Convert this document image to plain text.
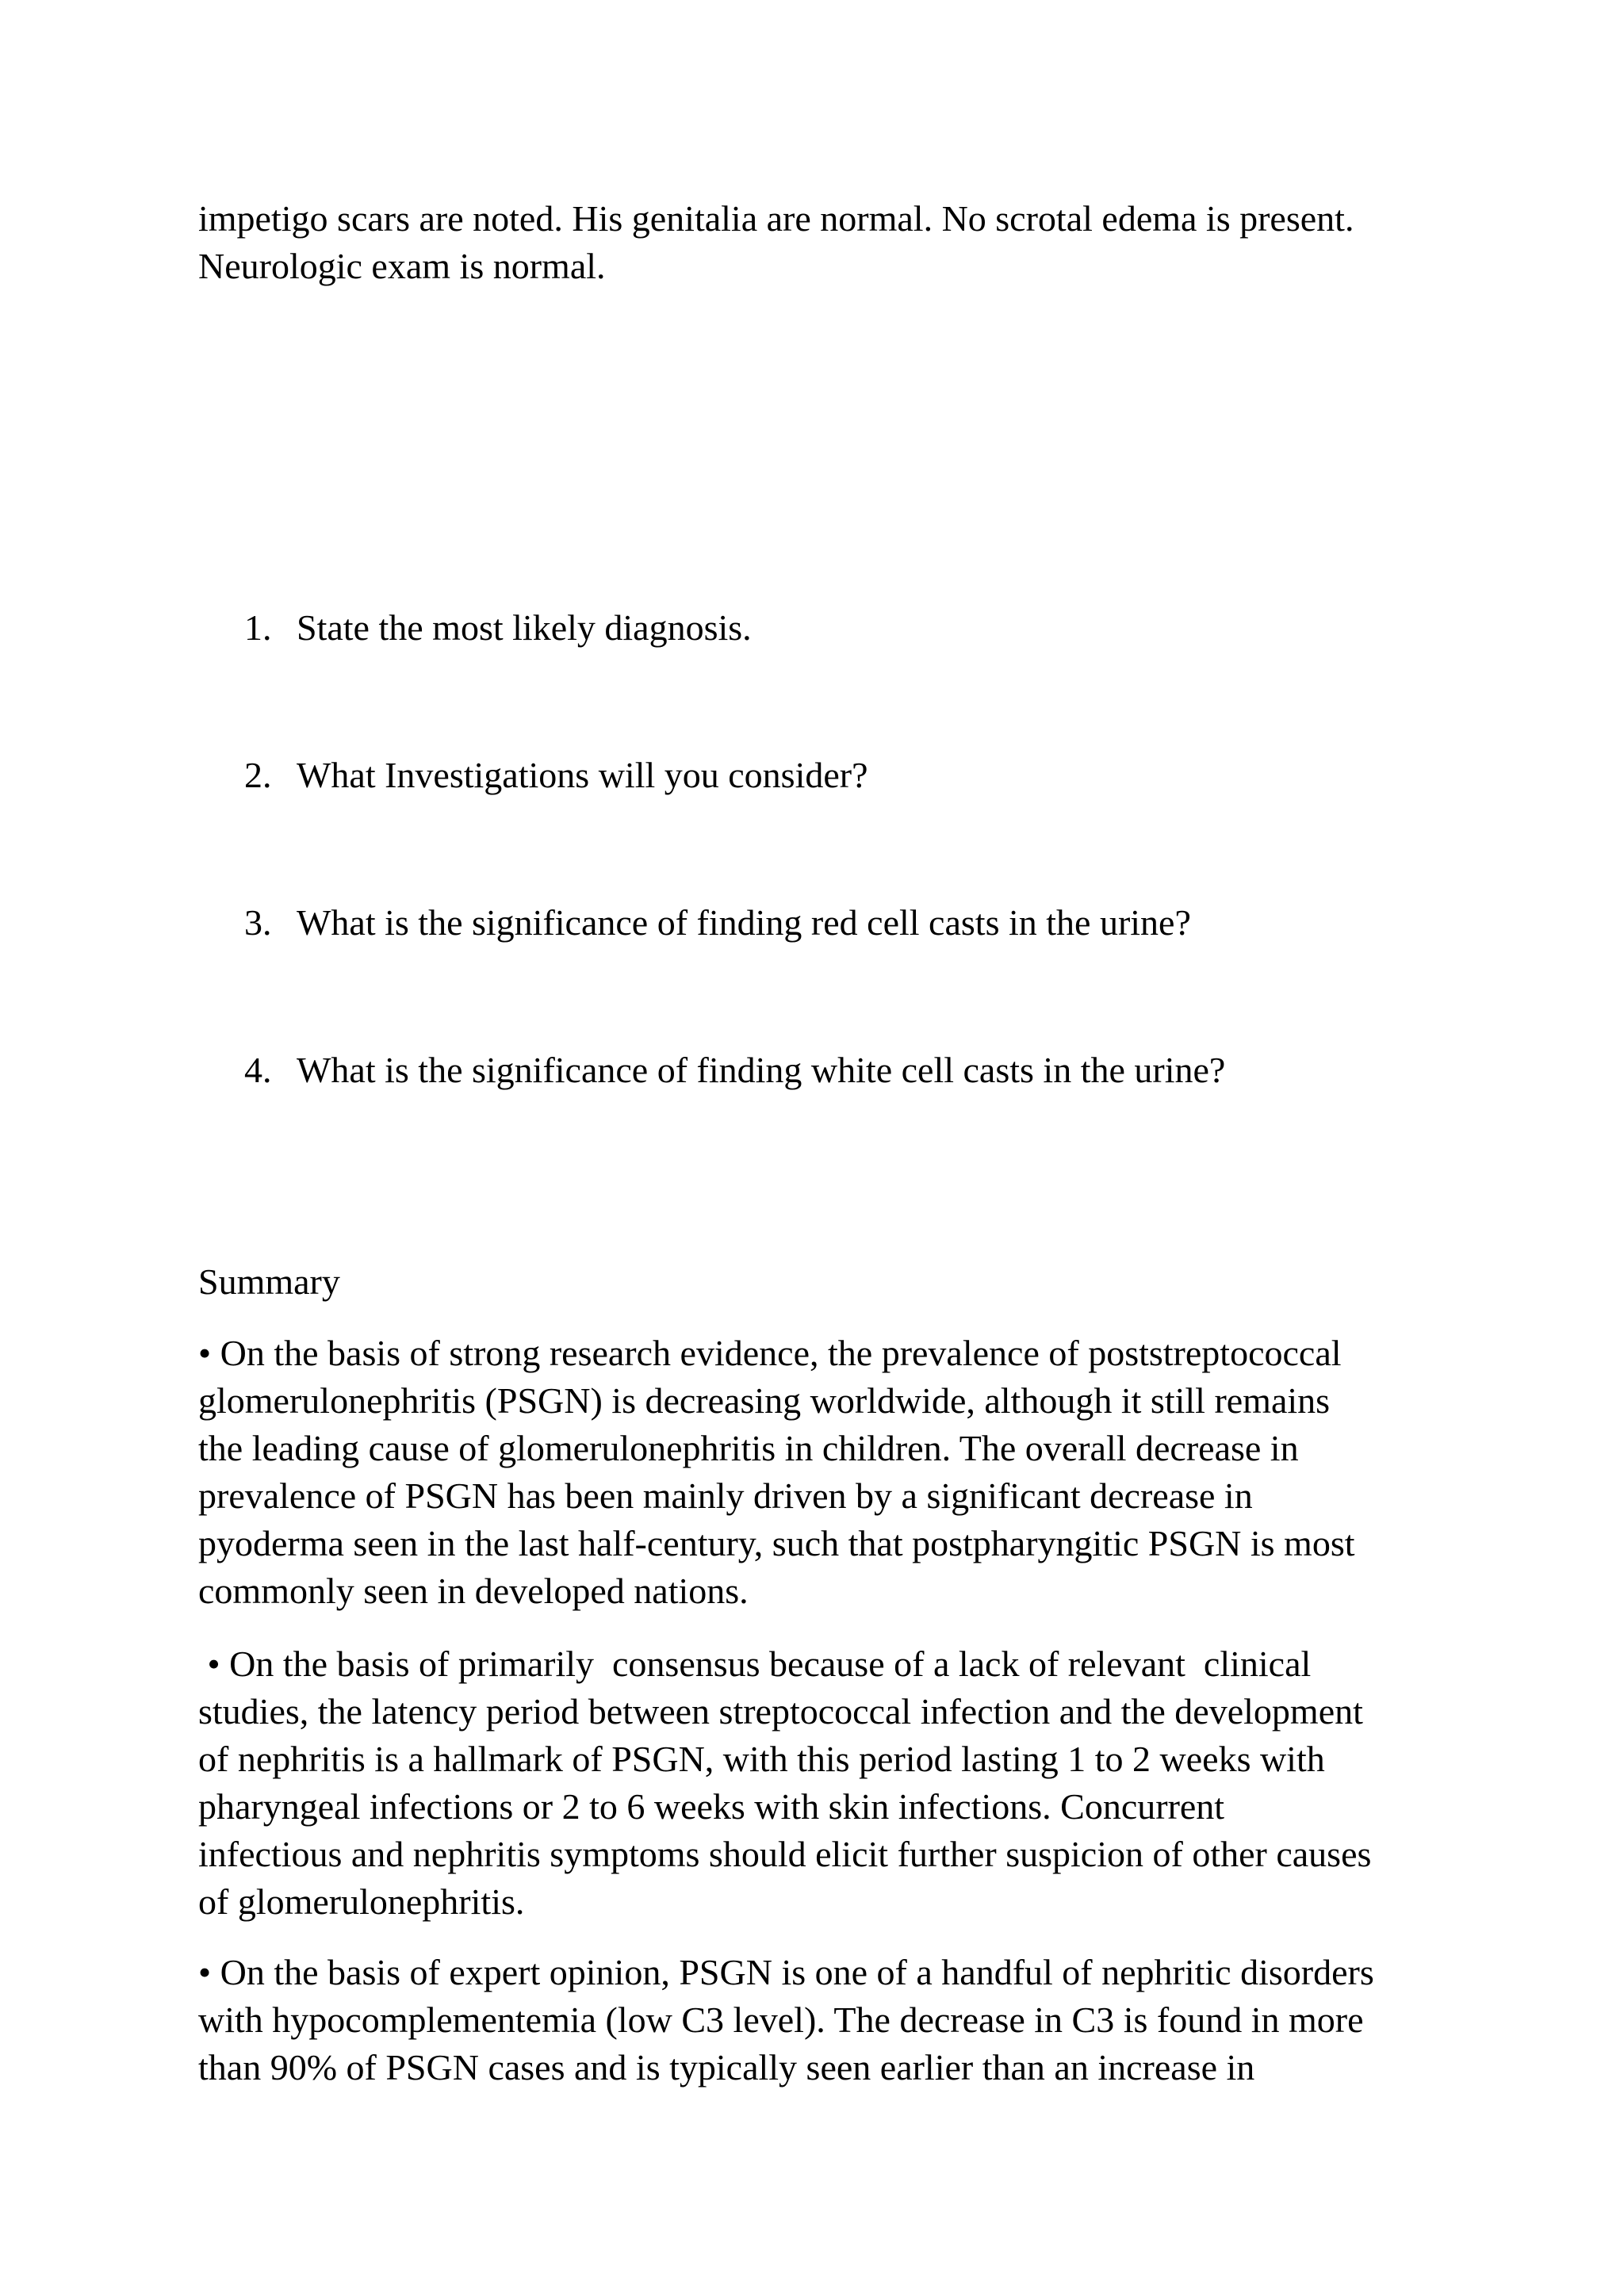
impetigo scars are noted. His genitalia are normal. No scrotal edema is present.
Neurologic exam is normal.
1. State the most likely diagnosis.
2. What Investigations will you consider?
3. What is the significance of finding red cell casts in the urine?
4. What is the significance of finding white cell casts in the urine?
Summary
• On the basis of strong research evidence, the prevalence of poststreptococcal
glomerulonephritis (PSGN) is decreasing worldwide, although it still remains
the leading cause of glomerulonephritis in children. The overall decrease in
prevalence of PSGN has been mainly driven by a significant decrease in
pyoderma seen in the last half-century, such that postpharyngitic PSGN is most
commonly seen in developed nations.
• On the basis of primarily  consensus because of a lack of relevant  clinical
studies, the latency period between streptococcal infection and the development
of nephritis is a hallmark of PSGN, with this period lasting 1 to 2 weeks with
pharyngeal infections or 2 to 6 weeks with skin infections. Concurrent
infectious and nephritis symptoms should elicit further suspicion of other causes
of glomerulonephritis.
• On the basis of expert opinion, PSGN is one of a handful of nephritic disorders
with hypocomplementemia (low C3 level). The decrease in C3 is found in more
than 90% of PSGN cases and is typically seen earlier than an increase in
